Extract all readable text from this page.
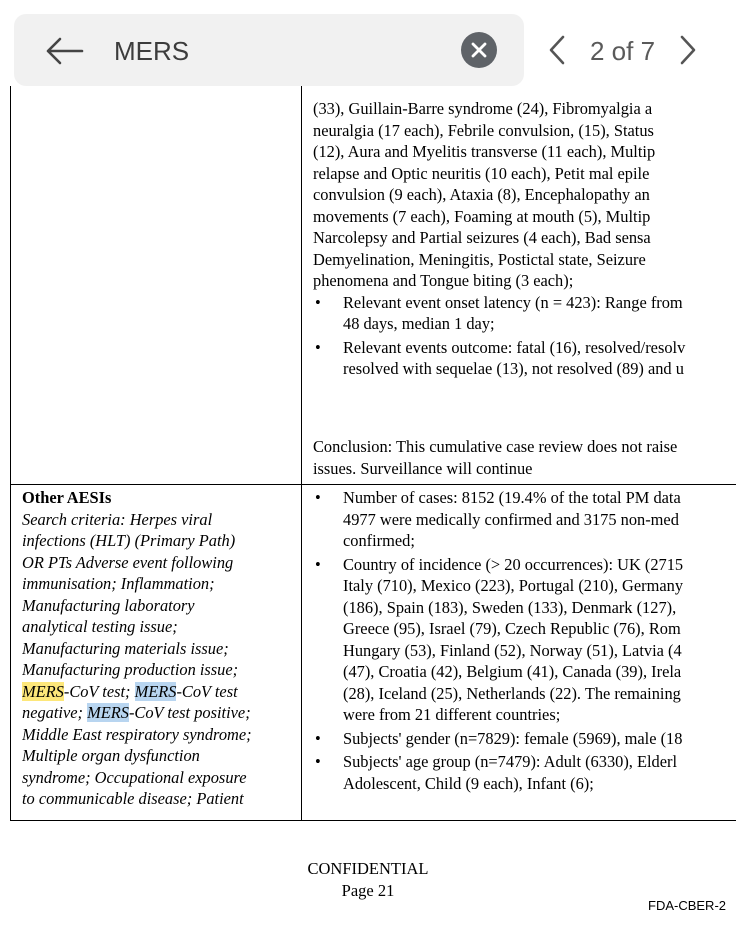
(33), Guillain-Barre syndrome (24), Fibromyalgia a

neuralgia (17 each), Febrile convulsion, (15), Status

(12), Aura and Myelitis transverse (11 each), Multip

relapse and Optic neuritis (10 each), Petit mal epile

convulsion (9 each), Ataxia (8), Encephalopathy an

movements (7 each), Foaming at mouth (5), Multip

Narcolepsy and Partial seizures (4 each), Bad sensa

Demyelination, Meningitis, Postictal state, Seizure

phenomena and Tongue biting (3 each);

• Relevant event onset latency (n = 423): Range from

48 days, median 1 day;

• Relevant events outcome: fatal (16), resolved/resolv

resolved with sequelae (13), not resolved (89) and u

Conclusion: This cumulative case review does not raise

issues. Surveillance will continue

Other AESIs

Search criteria: Herpes viral

infections (HLT) (Primary Path)

OR PTs Adverse event following

immunisation; Inflammation;

Manufacturing laboratory

analytical testing issue;

Manufacturing materials issue;

Manufacturing production issue;

MERS-CoV test; MERS-CoV test

negative; MERS-CoV test positive;

Middle East respiratory syndrome;

Multiple organ dysfunction

syndrome; Occupational exposure

to communicable disease; Patient

• Number of cases: 8152 (19.4% of the total PM data

4977 were medically confirmed and 3175 non-med

confirmed;

• Country of incidence (> 20 occurrences): UK (2715

Italy (710), Mexico (223), Portugal (210), Germany

(186), Spain (183), Sweden (133), Denmark (127),

Greece (95), Israel (79), Czech Republic (76), Rom

Hungary (53), Finland (52), Norway (51), Latvia (4

(47), Croatia (42), Belgium (41), Canada (39), Irela

(28), Iceland (25), Netherlands (22). The remaining

were from 21 different countries;

• Subjects' gender (n=7829): female (5969), male (18

• Subjects' age group (n=7479): Adult (6330), Elderl

Adolescent, Child (9 each), Infant (6);

CONFIDENTIAL
Page 21
FDA-CBER-2
MERS	2 of 7
